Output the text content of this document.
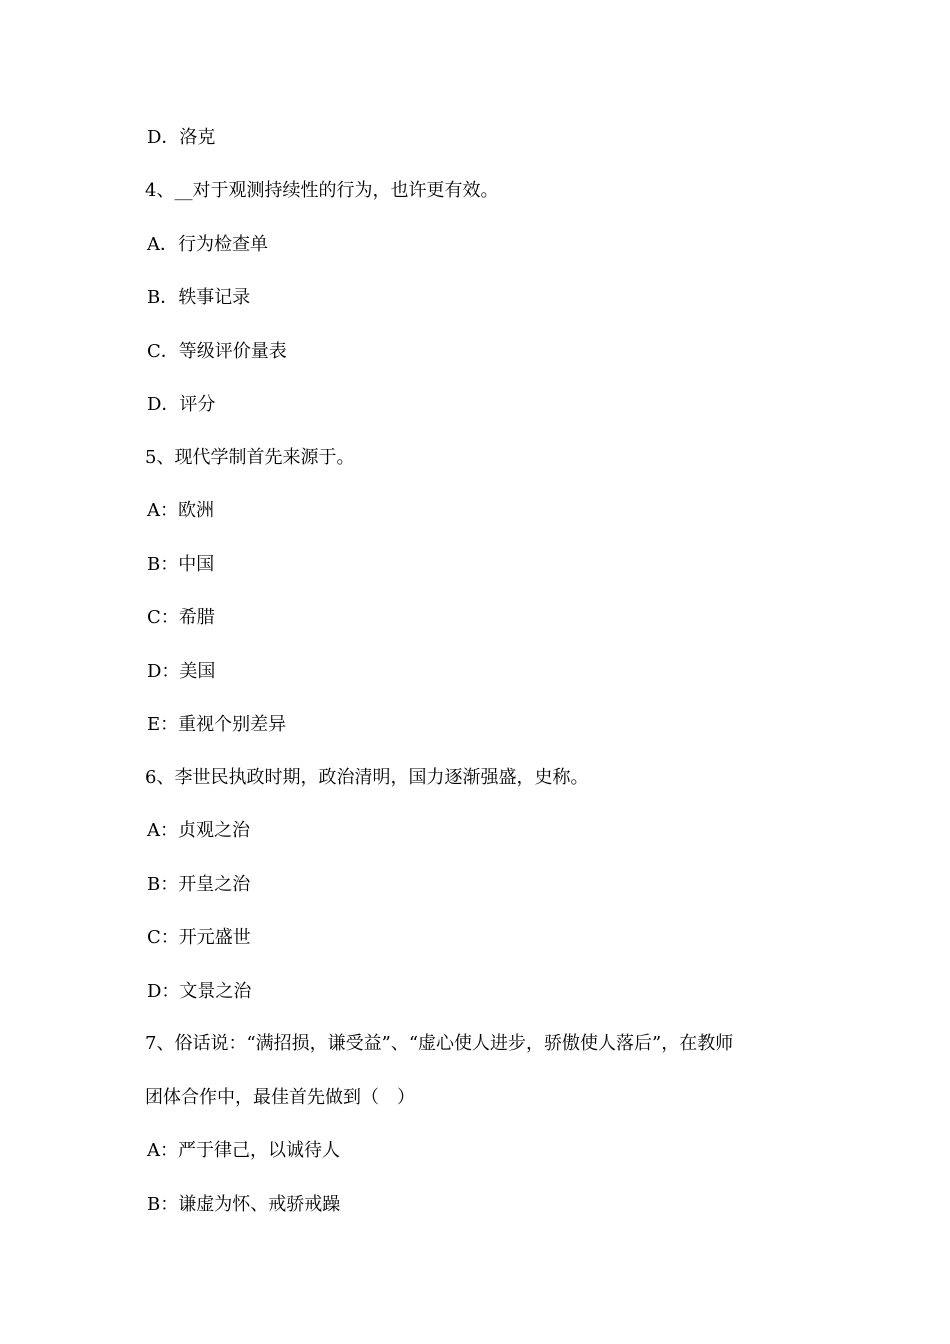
D．洛克
4、__对于观测持续性的行为，也许更有效。
A．行为检查单
B．轶事记录
C．等级评价量表
D．评分
5、现代学制首先来源于。
A：欧洲
B：中国
C：希腊
D：美国
E：重视个别差异
6、李世民执政时期，政治清明，国力逐渐强盛，史称。
A：贞观之治
B：开皇之治
C：开元盛世
D：文景之治
7、俗话说：“满招损，谦受益”、“虚心使人进步，骄傲使人落后”，在教师
团体合作中，最佳首先做到（　）
A：严于律己，以诚待人
B：谦虚为怀、戒骄戒躁
